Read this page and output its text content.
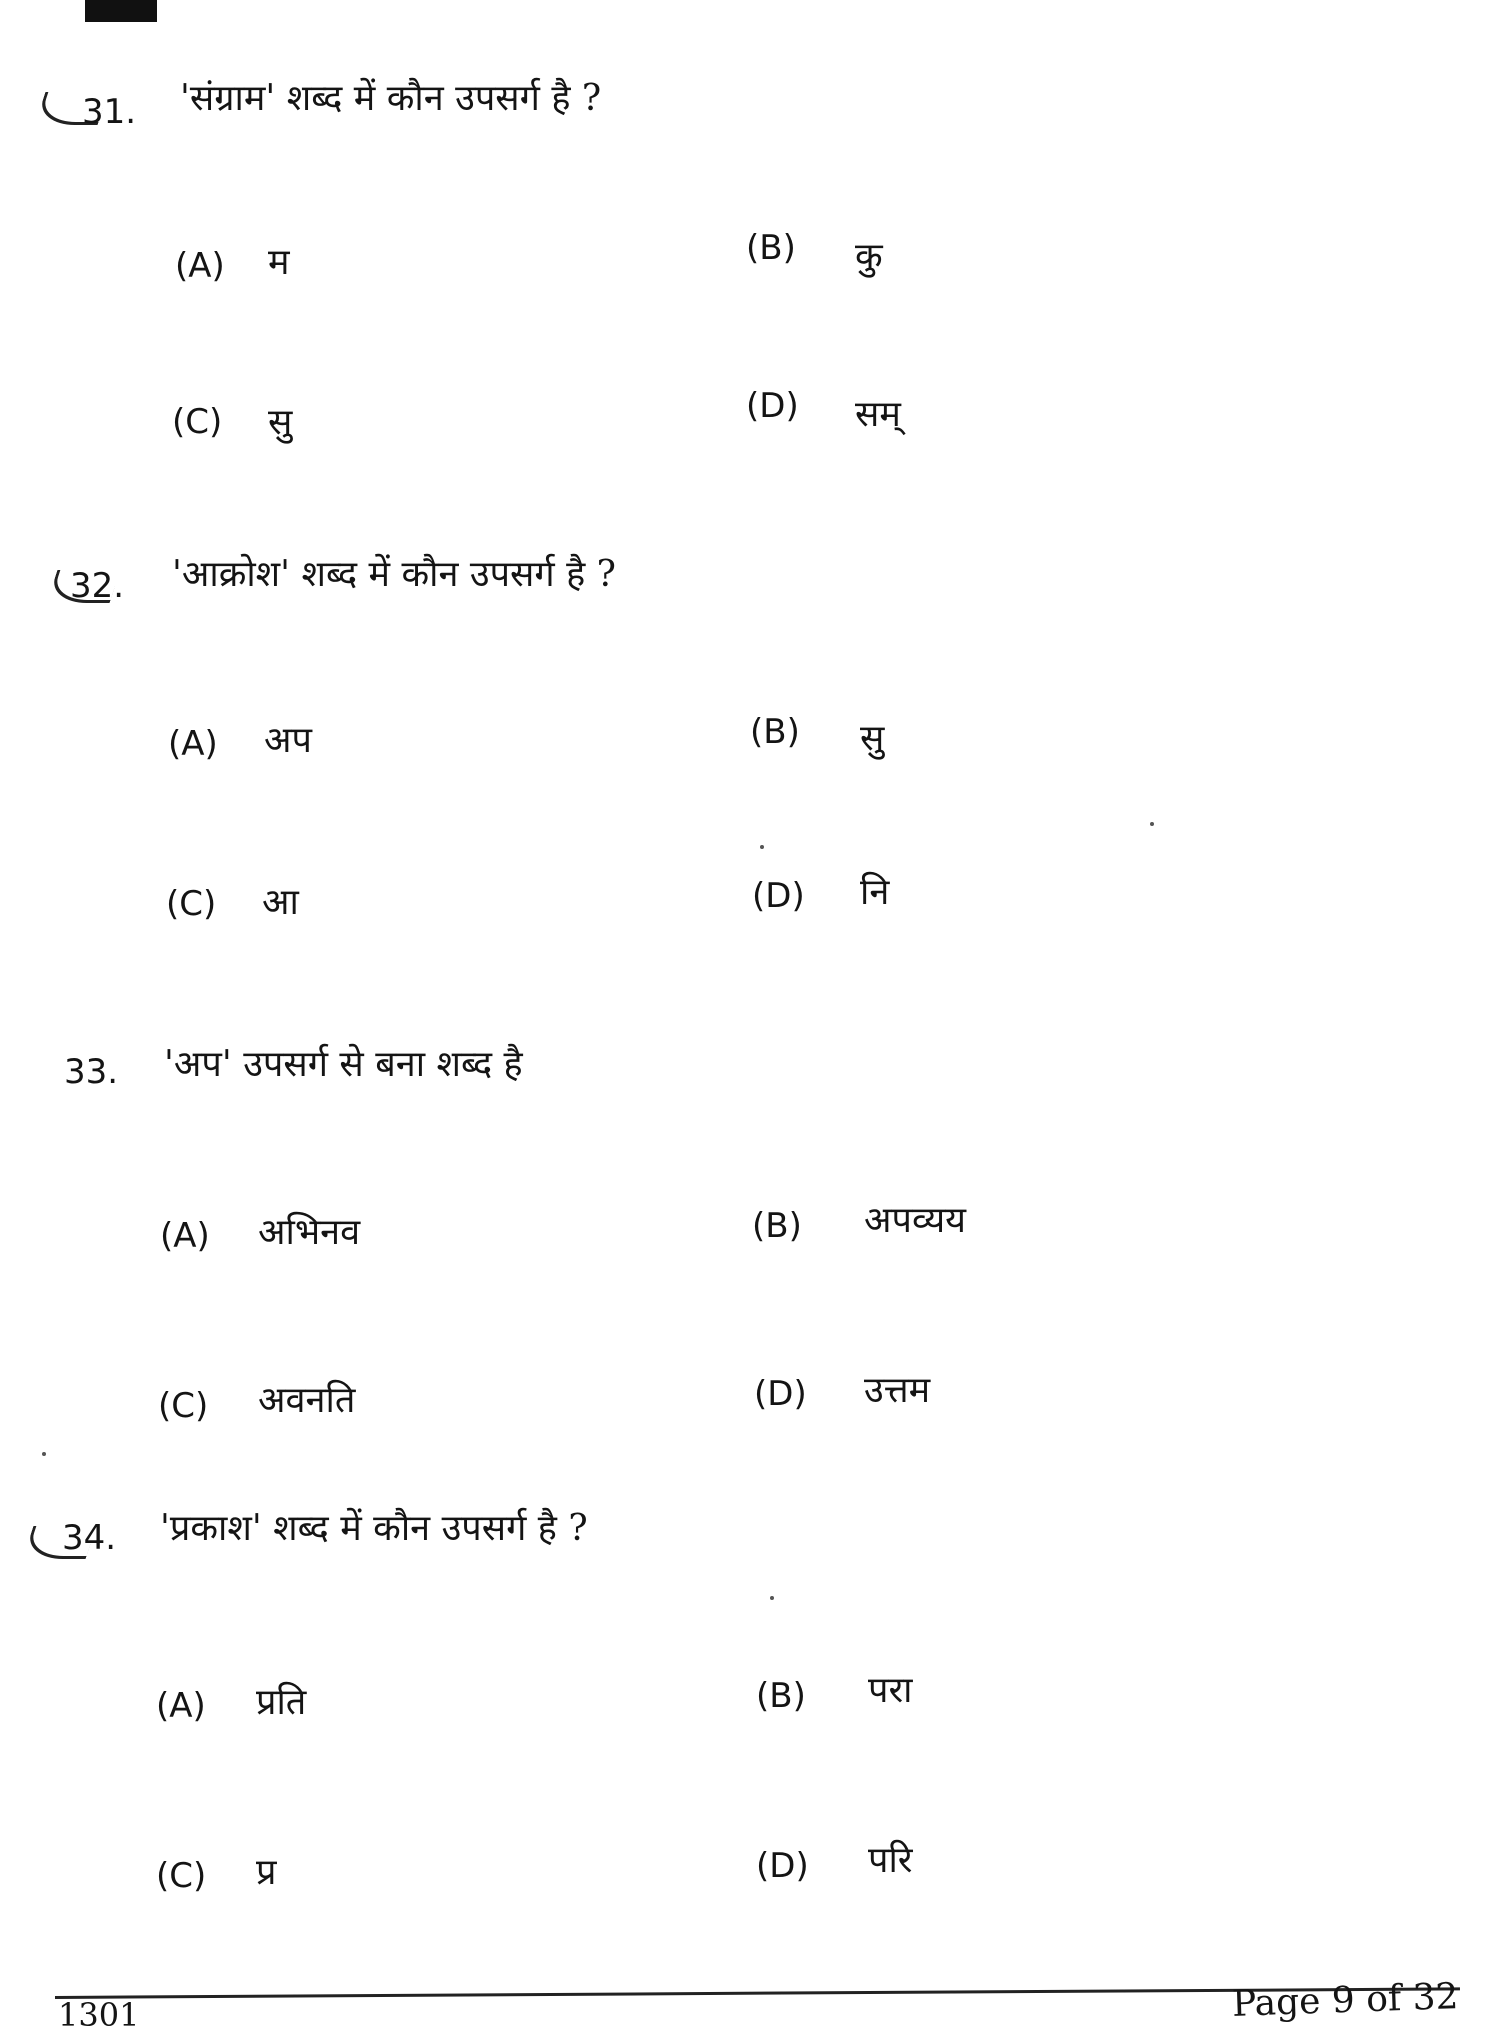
31. 'संग्राम' शब्द में कौन उपसर्ग है ?
(A) म	(B) कु
(C) सु	(D) सम्
32. 'आक्रोश' शब्द में कौन उपसर्ग है ?
(A) अप	(B) सु
(C) आ	(D) नि
33. 'अप' उपसर्ग से बना शब्द है
(A) अभिनव	(B) अपव्यय
(C) अवनति	(D) उत्तम
34. 'प्रकाश' शब्द में कौन उपसर्ग है ?
(A) प्रति	(B) परा
(C) प्र	(D) परि
1301	Page 9 of 32
